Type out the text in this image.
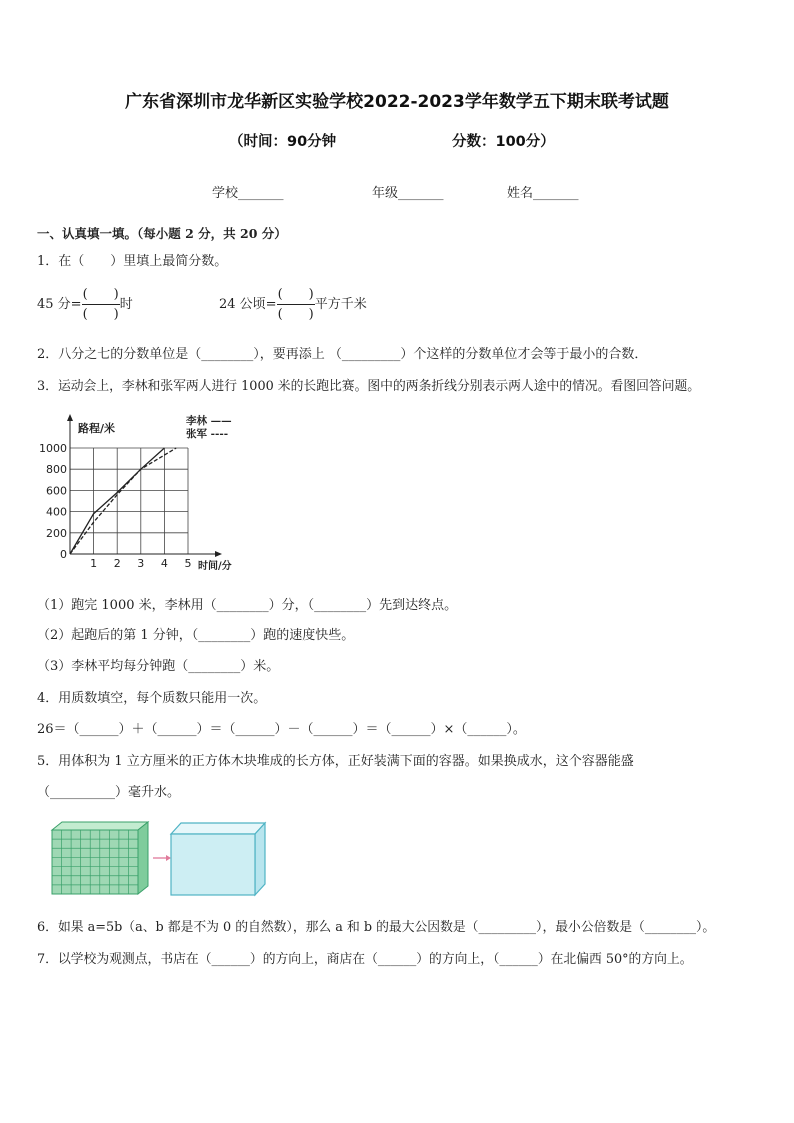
广东省深圳市龙华新区实验学校2022-2023学年数学五下期末联考试题
（时间：90分钟	分数：100分）
学校_______	年级_______	姓名_______
一、认真填一填。（每小题 2 分，共 20 分）
1．在（　　）里填上最简分数。
45 分= $\frac{( )}{( )}$ 时	24 公顷= $\frac{( )}{( )}$ 平方千米
2．八分之七的分数单位是（________），要再添上 （_________）个这样的分数单位才会等于最小的合数．
3．运动会上，李林和张军两人进行 1000 米的长跑比赛。图中的两条折线分别表示两人途中的情况。看图回答问题。
1 2 3 4 5
0
200
400
600
800
1000
路程/米
时间/分
李林 ——
张军 ----
（1）跑完 1000 米，李林用（________）分，（________）先到达终点。
（2）起跑后的第 1 分钟，（________）跑的速度快些。
（3）李林平均每分钟跑（________）米。
4．用质数填空，每个质数只能用一次。
26＝（______）＋（______）＝（______）－（______）＝（______）×（______）。
5．用体积为 1 立方厘米的正方体木块堆成的长方体，正好装满下面的容器。如果换成水，这个容器能盛
（__________）毫升水。
6．如果 a=5b（a、b 都是不为 0 的自然数），那么 a 和 b 的最大公因数是（_________），最小公倍数是（________）。
7．以学校为观测点，书店在（______）的方向上，商店在（______）的方向上，（______）在北偏西 50°的方向上。
